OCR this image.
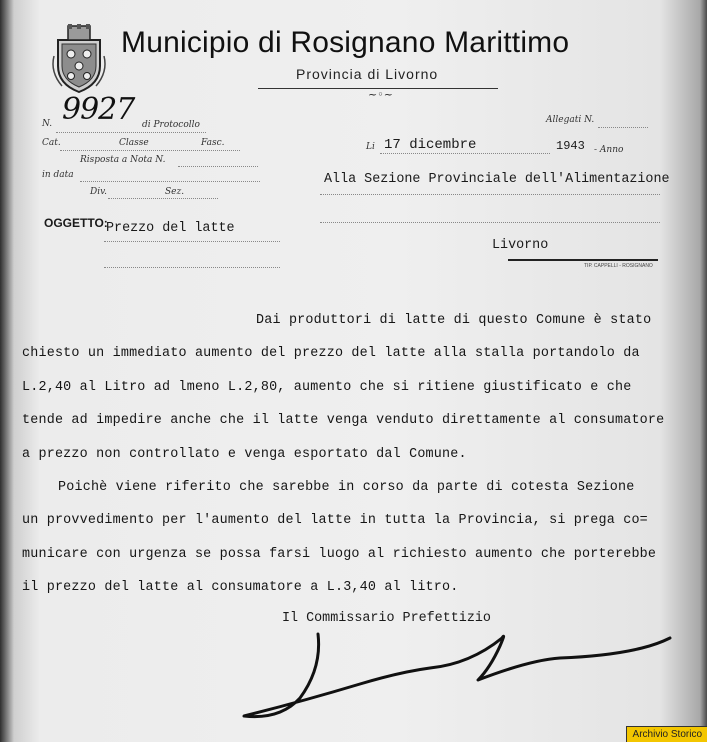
Municipio di Rosignano Marittimo
Provincia di Livorno
~◦~
N. 9927 di Protocollo
Cat.	Classe	Fasc.
Risposta a Nota N.
in data
Div.	Sez.
Allegati N.
Li 17 dicembre	1943 - Anno
Alla Sezione Provinciale dell'Alimentazione
Livorno
TIP. CAPPELLI - ROSIGNANO
OGGETTO:
Prezzo del latte
Dai produttori di latte di questo Comune è stato
chiesto un immediato aumento del prezzo del latte alla stalla portandolo da
L.2,40 al Litro ad lmeno L.2,80, aumento che si ritiene giustificato e che
tende ad impedire anche che il latte venga venduto direttamente al consumatore
a prezzo non controllato e venga esportato dal Comune.
Poichè viene riferito che sarebbe in corso da parte di cotesta Sezione
un provvedimento per l'aumento del latte in tutta la Provincia, si prega co=
municare con urgenza se possa farsi luogo al richiesto aumento che porterebbe
il prezzo del latte al consumatore a L.3,40 al litro.
Il Commissario Prefettizio
Archivio Storico
